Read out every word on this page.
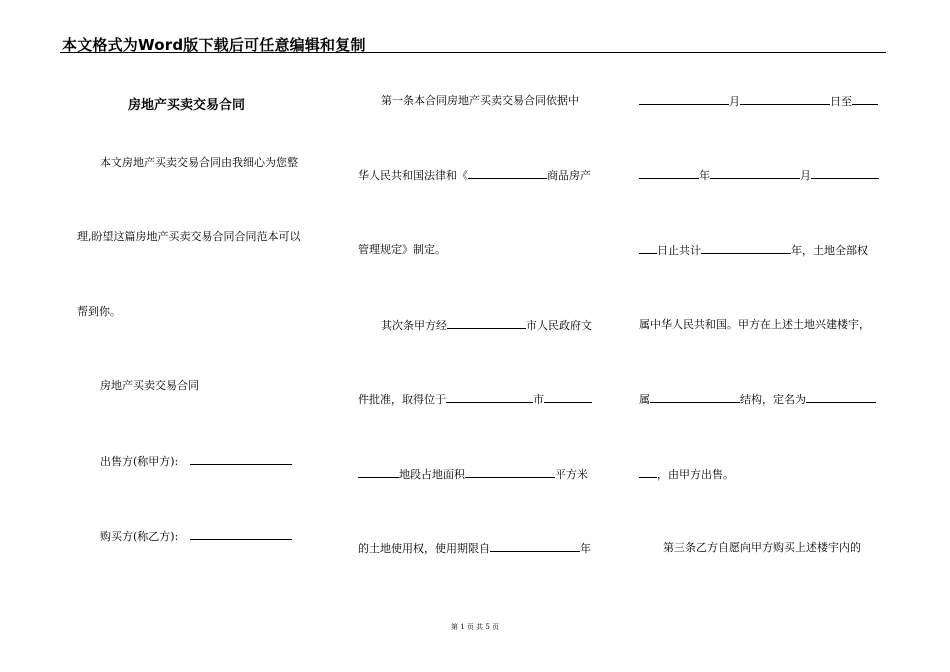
本文格式为Word版下载后可任意编辑和复制
房地产买卖交易合同
本文房地产买卖交易合同由我细心为您整
理,盼望这篇房地产买卖交易合同合同范本可以
帮到你。
房地产买卖交易合同
出售方(称甲方):
购买方(称乙方):
第一条本合同房地产买卖交易合同依据中
华人民共和国法律和《	商品房产
管理规定》制定。
其次条甲方经	市人民政府文
件批准，取得位于	市
地段占地面积	平方米
的土地使用权，使用期限自	年
月	日至
年	月
日止共计	年，土地全部权
属中华人民共和国。甲方在上述土地兴建楼宇，
属	结构，定名为
，由甲方出售。
第三条乙方自愿向甲方购买上述楼宇内的
第 1 页 共 5 页
